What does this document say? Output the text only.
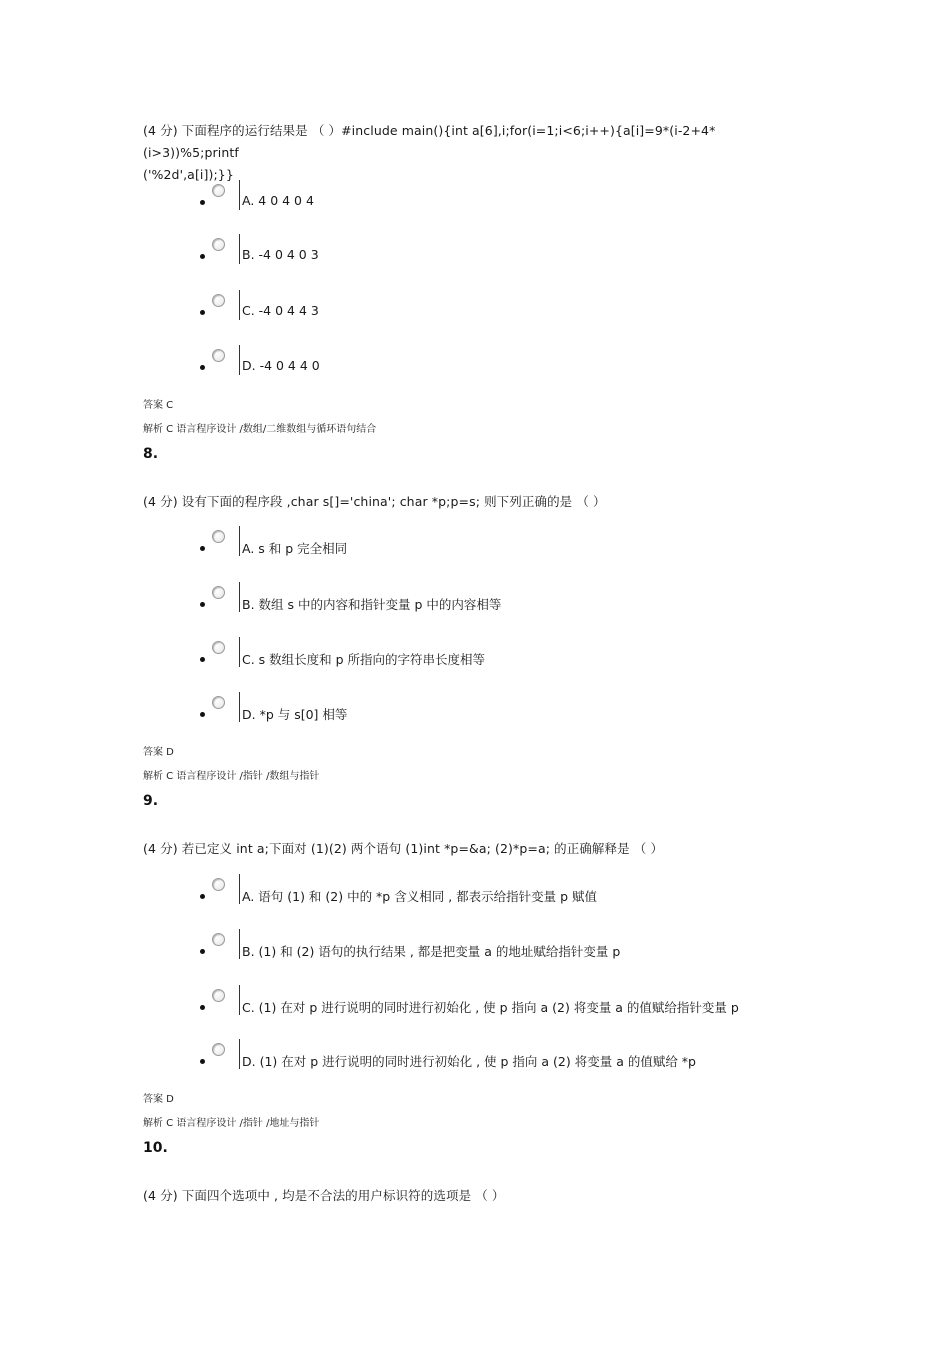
(4 分) 下面程序的运行结果是 （ ）#include main(){int a[6],i;for(i=1;i<6;i++){a[i]=9*(i-2+4*(i>3))%5;printf
('%2d',a[i]);}}
A. 4 0 4 0 4
B. -4 0 4 0 3
C. -4 0 4 4 3
D. -4 0 4 4 0
答案 C
解析 C 语言程序设计 /数组/二维数组与循环语句结合
8.
(4 分) 设有下面的程序段 ,char s[]='china'; char *p;p=s; 则下列正确的是 （ ）
A. s 和 p 完全相同
B. 数组 s 中的内容和指针变量 p 中的内容相等
C. s 数组长度和 p 所指向的字符串长度相等
D. *p 与 s[0] 相等
答案 D
解析 C 语言程序设计 /指针 /数组与指针
9.
(4 分) 若已定义 int a;下面对 (1)(2) 两个语句 (1)int *p=&a; (2)*p=a; 的正确解释是 （ ）
A. 语句 (1) 和 (2) 中的 *p 含义相同 , 都表示给指针变量 p 赋值
B. (1) 和 (2) 语句的执行结果 , 都是把变量 a 的地址赋给指针变量 p
C. (1) 在对 p 进行说明的同时进行初始化 , 使 p 指向 a (2) 将变量 a 的值赋给指针变量 p
D. (1) 在对 p 进行说明的同时进行初始化 , 使 p 指向 a (2) 将变量 a 的值赋给 *p
答案 D
解析 C 语言程序设计 /指针 /地址与指针
10.
(4 分) 下面四个选项中 , 均是不合法的用户标识符的选项是 （ ）
